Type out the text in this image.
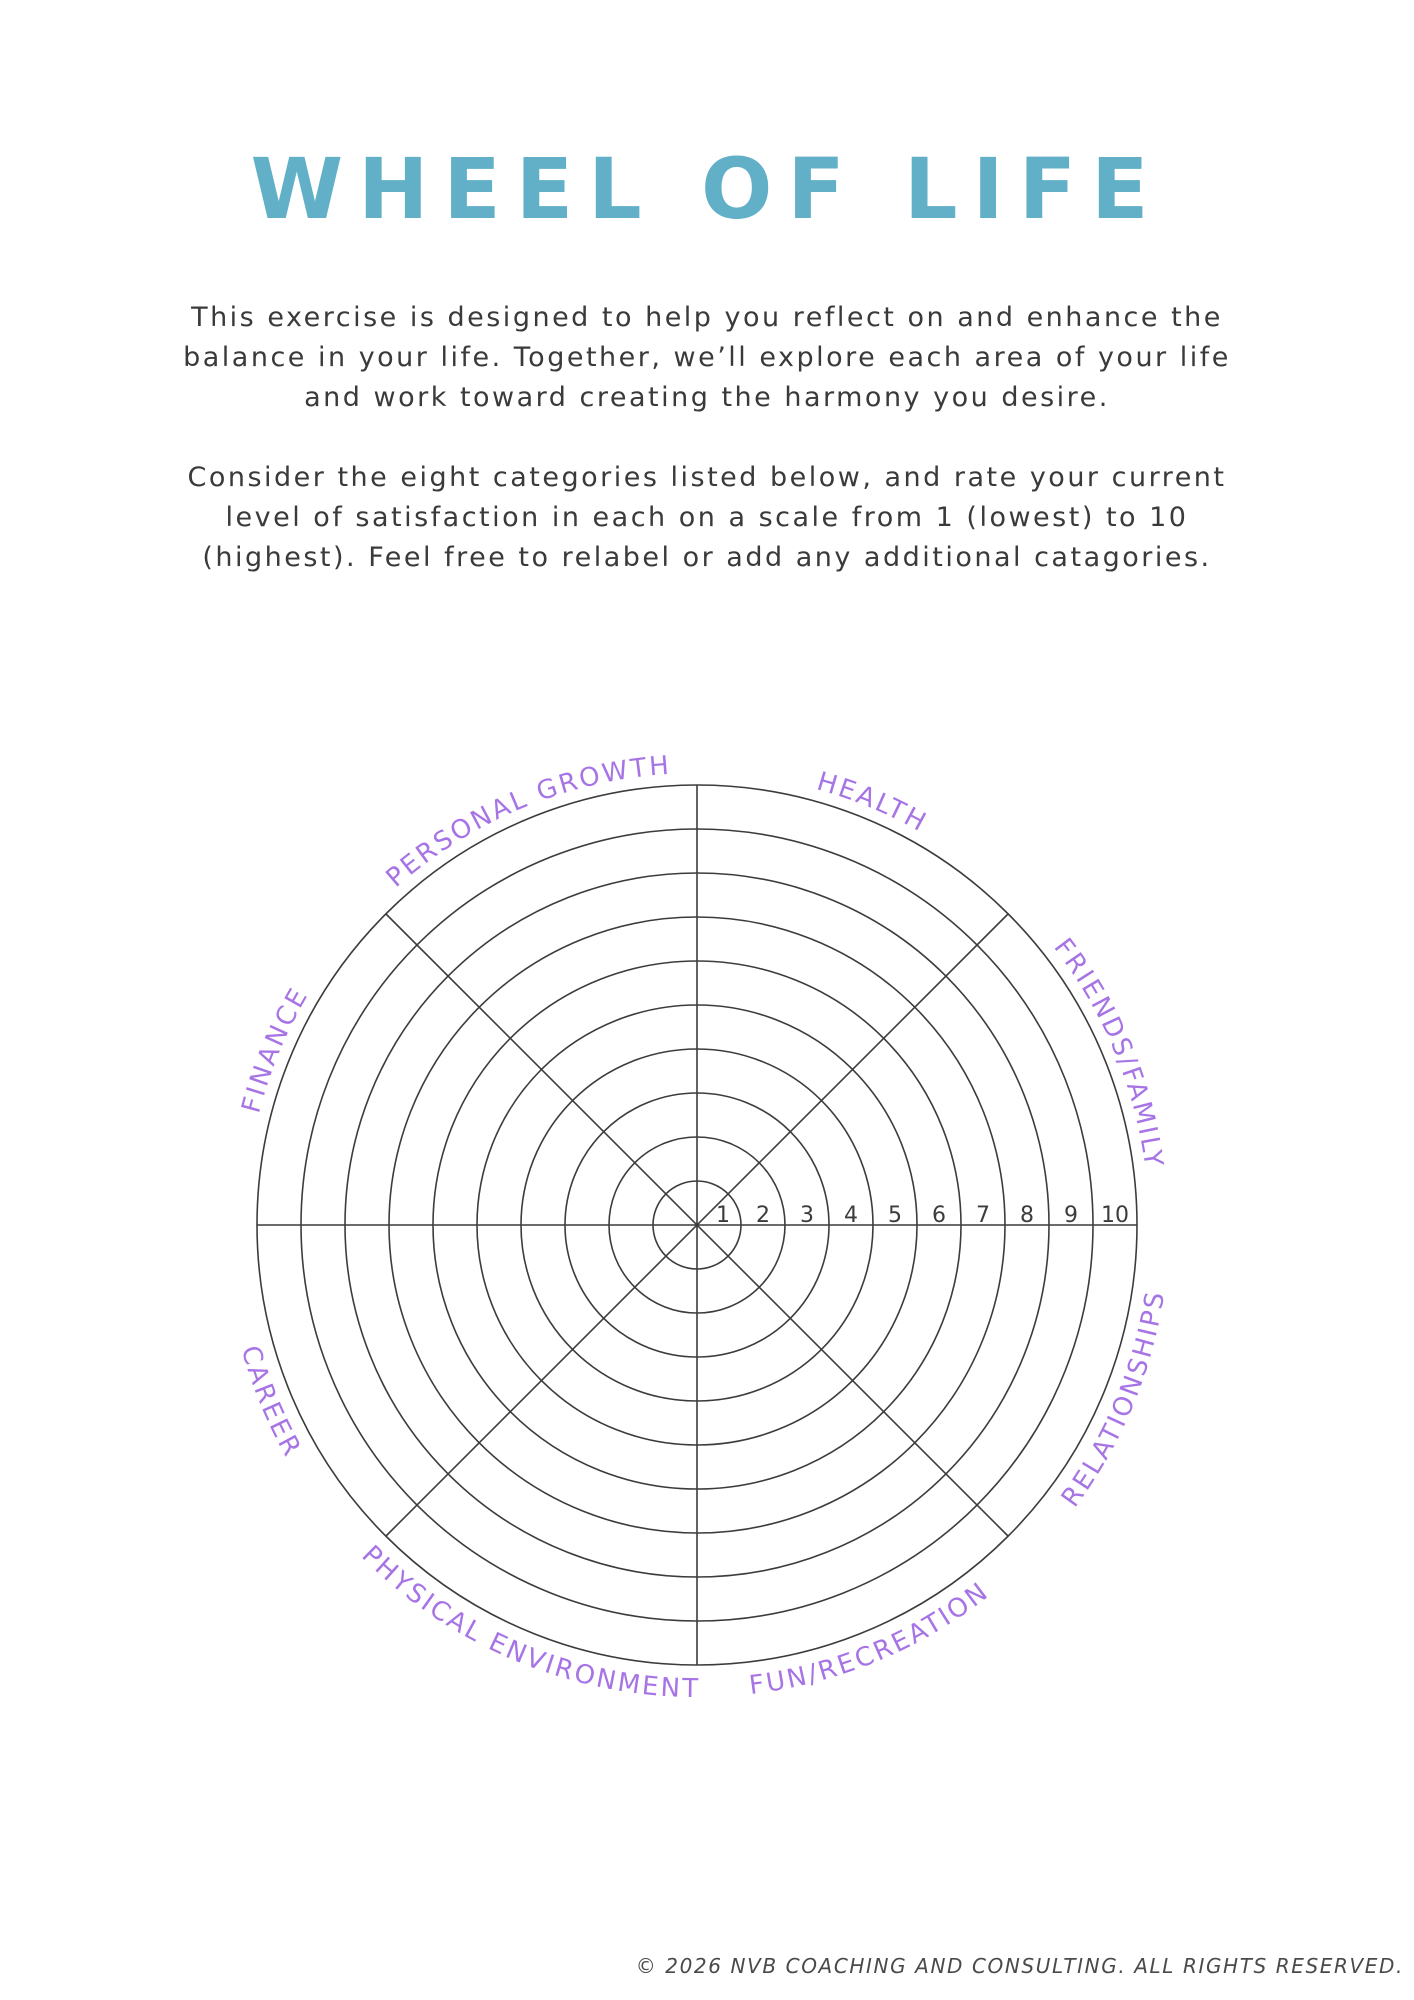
WHEEL OF LIFE

This exercise is designed to help you reflect on and enhance the
balance in your life. Together, we’ll explore each area of your life
and work toward creating the harmony you desire.

Consider the eight categories listed below, and rate your current
level of satisfaction in each on a scale from 1 (lowest) to 10
(highest). Feel free to relabel or add any additional catagories.

1 2 3 4 5 6 7 8 9 10
HEALTH
FRIENDS/FAMILY
RELATIONSHIPS
FUN/RECREATION
PHYSICAL ENVIRONMENT
CAREER
FINANCE
PERSONAL GROWTH
© 2026 NVB COACHING AND CONSULTING. ALL RIGHTS RESERVED.
